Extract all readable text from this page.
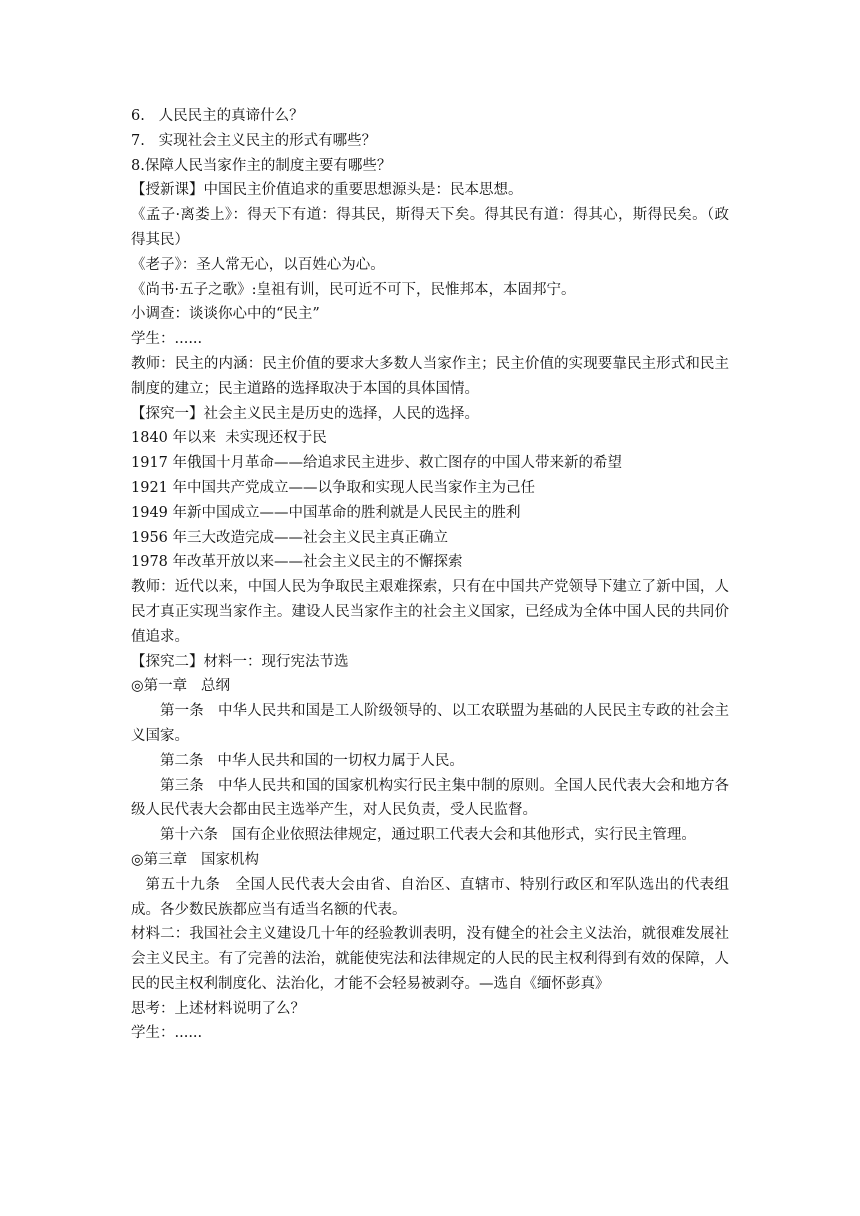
6.   人民民主的真谛什么？

7.   实现社会主义民主的形式有哪些？

8.保障人民当家作主的制度主要有哪些？

【授新课】中国民主价值追求的重要思想源头是：民本思想。

《孟子·离娄上》：得天下有道：得其民，斯得天下矣。得其民有道：得其心，斯得民矣。（政得其民）

《老子》：圣人常无心，以百姓心为心。

《尚书·五子之歌》:皇祖有训，民可近不可下，民惟邦本，本固邦宁。

小调查：谈谈你心中的“民主”

学生：......

教师：民主的内涵：民主价值的要求大多数人当家作主；民主价值的实现要靠民主形式和民主制度的建立；民主道路的选择取决于本国的具体国情。

【探究一】社会主义民主是历史的选择，人民的选择。

1840 年以来  未实现还权于民

1917 年俄国十月革命——给追求民主进步、救亡图存的中国人带来新的希望

1921 年中国共产党成立——以争取和实现人民当家作主为己任

1949 年新中国成立——中国革命的胜利就是人民民主的胜利

1956 年三大改造完成——社会主义民主真正确立

1978 年改革开放以来——社会主义民主的不懈探索

教师：近代以来，中国人民为争取民主艰难探索，只有在中国共产党领导下建立了新中国，人民才真正实现当家作主。建设人民当家作主的社会主义国家，已经成为全体中国人民的共同价值追求。

【探究二】材料一：现行宪法节选

◎第一章   总纲

第一条   中华人民共和国是工人阶级领导的、以工农联盟为基础的人民民主专政的社会主义国家。

第二条   中华人民共和国的一切权力属于人民。

第三条   中华人民共和国的国家机构实行民主集中制的原则。全国人民代表大会和地方各级人民代表大会都由民主选举产生，对人民负责，受人民监督。

第十六条   国有企业依照法律规定，通过职工代表大会和其他形式，实行民主管理。

◎第三章   国家机构

第五十九条   全国人民代表大会由省、自治区、直辖市、特别行政区和军队选出的代表组成。各少数民族都应当有适当名额的代表。

材料二：我国社会主义建设几十年的经验教训表明，没有健全的社会主义法治，就很难发展社会主义民主。有了完善的法治，就能使宪法和法律规定的人民的民主权利得到有效的保障，人民的民主权利制度化、法治化，才能不会轻易被剥夺。—选自《缅怀彭真》

思考：上述材料说明了么？

学生：......
